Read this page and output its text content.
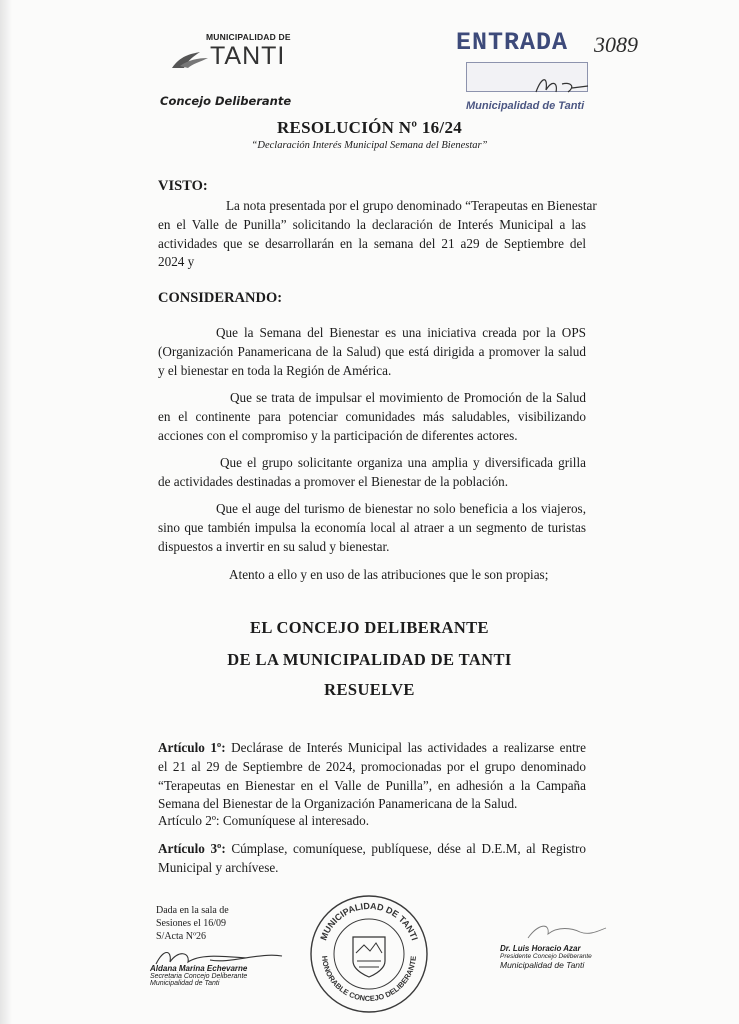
MUNICIPALIDAD DE
TANTI
Concejo Deliberante
ENTRADA 3089
Municipalidad de Tanti
RESOLUCIÓN Nº 16/24
“Declaración Interés Municipal Semana del Bienestar”
VISTO:
La nota presentada por el grupo denominado “Terapeutas en Bienestar
en el Valle de Punilla” solicitando la declaración de Interés Municipal a las
actividades que se desarrollarán en la semana del 21 a29 de Septiembre del
2024 y
CONSIDERANDO:
Que la Semana del Bienestar es una iniciativa creada por la OPS
(Organización Panamericana de la Salud) que está dirigida a promover la salud
y el bienestar en toda la Región de América.
Que se trata de impulsar el movimiento de Promoción de la Salud
en el continente para potenciar comunidades más saludables, visibilizando
acciones con el compromiso y la participación de diferentes actores.
Que el grupo solicitante organiza una amplia y diversificada grilla
de actividades destinadas a promover el Bienestar de la población.
Que el auge del turismo de bienestar no solo beneficia a los viajeros,
sino que también impulsa la economía local al atraer a un segmento de turistas
dispuestos a invertir en su salud y bienestar.
Atento a ello y en uso de las atribuciones que le son propias;
EL CONCEJO DELIBERANTE
DE LA MUNICIPALIDAD DE TANTI
RESUELVE
Artículo 1º: Declárase de Interés Municipal las actividades a realizarse entre
el 21 al 29 de Septiembre de 2024, promocionadas por el grupo denominado
“Terapeutas en Bienestar en el Valle de Punilla”, en adhesión a la Campaña
Semana del Bienestar de la Organización Panamericana de la Salud.
Artículo 2º: Comuníquese al interesado.
Artículo 3º: Cúmplase, comuníquese, publíquese, dése al D.E.M, al Registro
Municipal y archívese.
Dada en la sala de
Sesiones el 16/09
S/Acta Nº26
Aldana Marina Echevarne
Secretaria Concejo Deliberante
Municipalidad de Tanti
MUNICIPALIDAD DE TANTI
HONORABLE CONCEJO DELIBERANTE
Dr. Luis Horacio Azar
Presidente Concejo Deliberante
Municipalidad de Tanti
